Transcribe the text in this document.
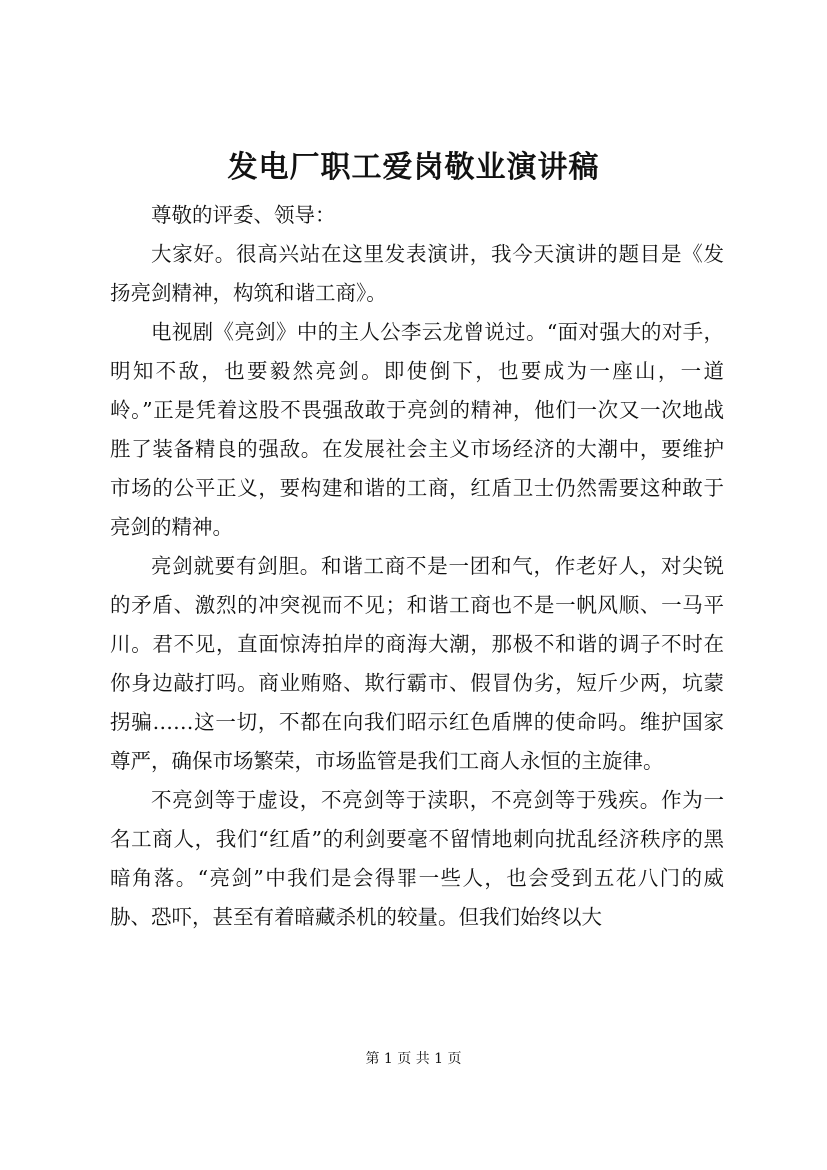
发电厂职工爱岗敬业演讲稿

尊敬的评委、领导：

大家好。很高兴站在这里发表演讲，我今天演讲的题目是《发扬亮剑精神，构筑和谐工商》。

电视剧《亮剑》中的主人公李云龙曾说过。“面对强大的对手，明知不敌，也要毅然亮剑。即使倒下，也要成为一座山，一道岭。”正是凭着这股不畏强敌敢于亮剑的精神，他们一次又一次地战胜了装备精良的强敌。在发展社会主义市场经济的大潮中，要维护市场的公平正义，要构建和谐的工商，红盾卫士仍然需要这种敢于亮剑的精神。

亮剑就要有剑胆。和谐工商不是一团和气，作老好人，对尖锐的矛盾、激烈的冲突视而不见；和谐工商也不是一帆风顺、一马平川。君不见，直面惊涛拍岸的商海大潮，那极不和谐的调子不时在你身边敲打吗。商业贿赂、欺行霸市、假冒伪劣，短斤少两，坑蒙拐骗……这一切，不都在向我们昭示红色盾牌的使命吗。维护国家尊严，确保市场繁荣，市场监管是我们工商人永恒的主旋律。

不亮剑等于虚设，不亮剑等于渎职，不亮剑等于残疾。作为一名工商人，我们“红盾”的利剑要毫不留情地刺向扰乱经济秩序的黑暗角落。“亮剑”中我们是会得罪一些人，也会受到五花八门的威胁、恐吓，甚至有着暗藏杀机的较量。但我们始终以大

第 1 页 共 1 页
